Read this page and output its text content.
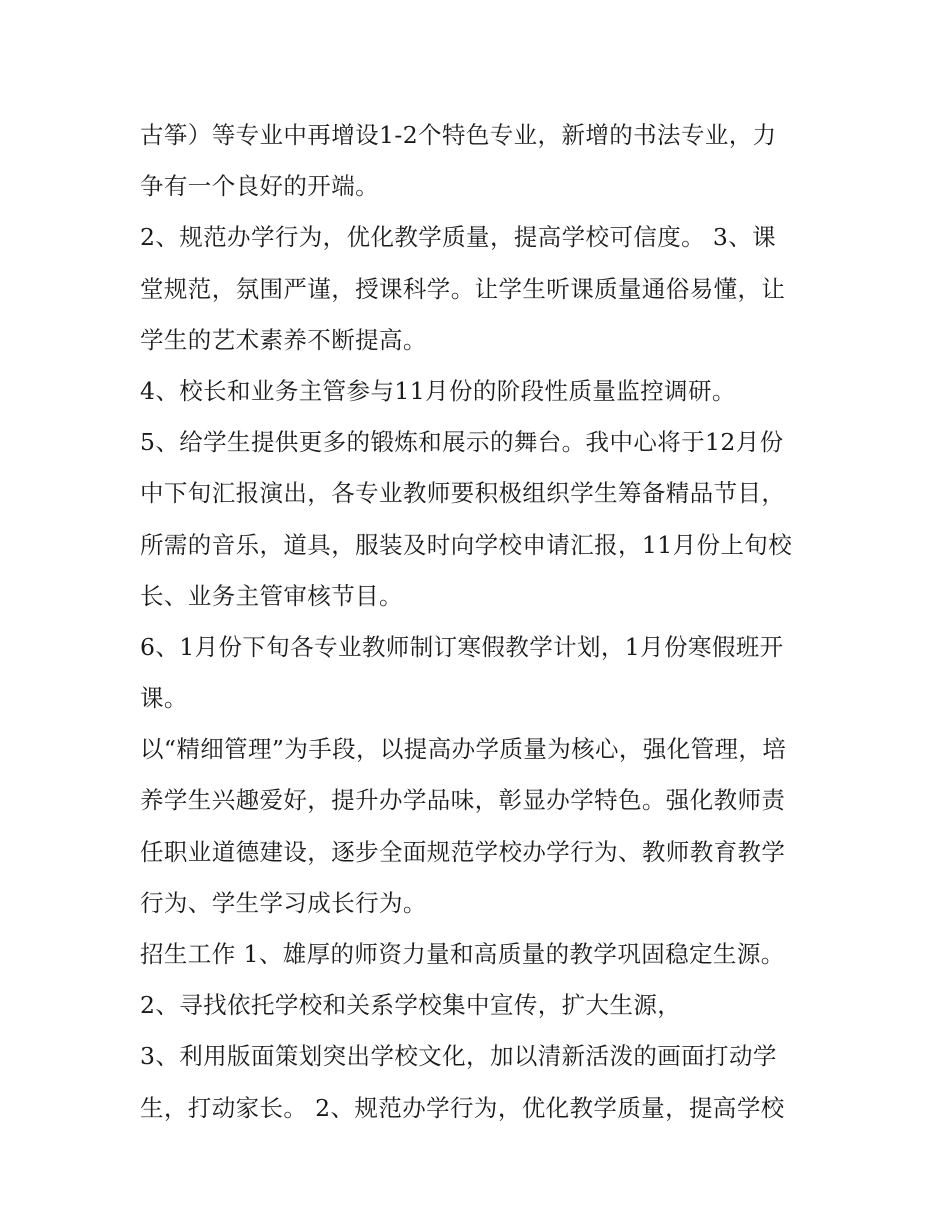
古筝）等专业中再增设1-2个特色专业，新增的书法专业，力
争有一个良好的开端。
2、规范办学行为，优化教学质量，提高学校可信度。 3、课
堂规范，氛围严谨，授课科学。让学生听课质量通俗易懂，让
学生的艺术素养不断提高。
4、校长和业务主管参与11月份的阶段性质量监控调研。
5、给学生提供更多的锻炼和展示的舞台。我中心将于12月份
中下旬汇报演出，各专业教师要积极组织学生筹备精品节目，
所需的音乐，道具，服装及时向学校申请汇报，11月份上旬校
长、业务主管审核节目。
6、1月份下旬各专业教师制订寒假教学计划，1月份寒假班开
课。
以“精细管理”为手段，以提高办学质量为核心，强化管理，培
养学生兴趣爱好，提升办学品味，彰显办学特色。强化教师责
任职业道德建设，逐步全面规范学校办学行为、教师教育教学
行为、学生学习成长行为。
招生工作 1、雄厚的师资力量和高质量的教学巩固稳定生源。
2、寻找依托学校和关系学校集中宣传，扩大生源，
3、利用版面策划突出学校文化，加以清新活泼的画面打动学
生，打动家长。 2、规范办学行为，优化教学质量，提高学校
